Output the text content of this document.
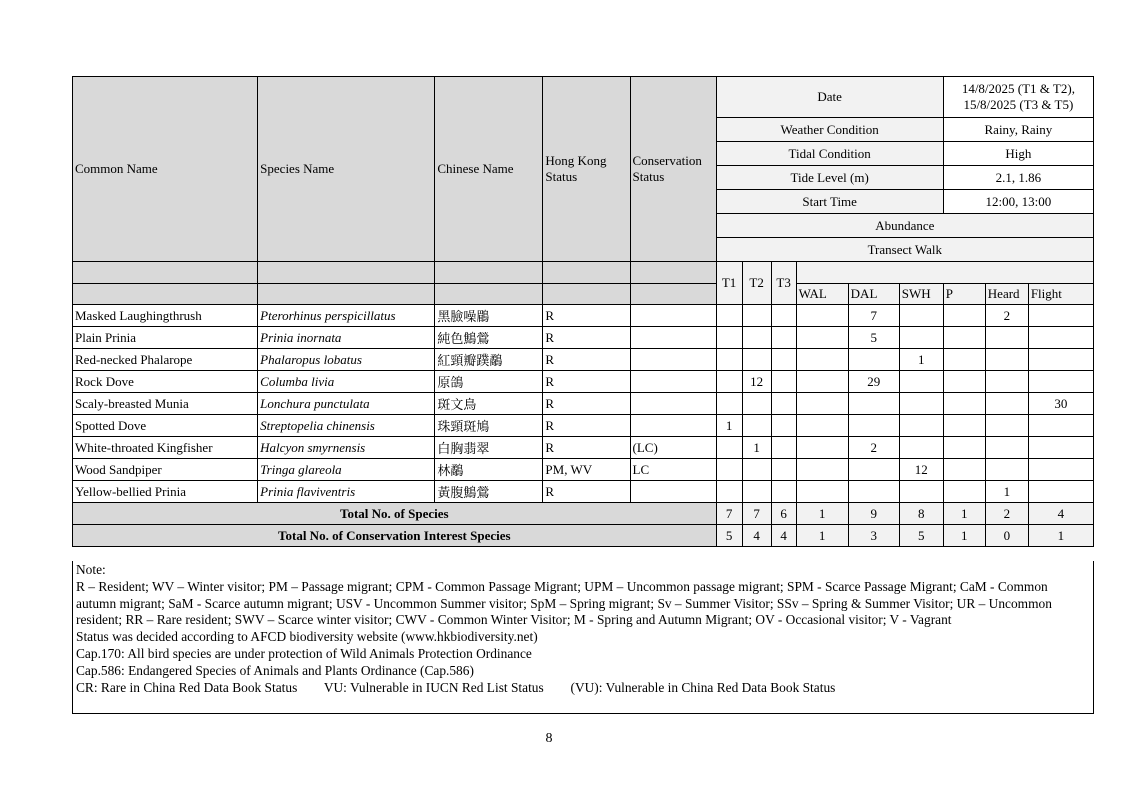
Common Name	Species Name	Chinese Name	Hong Kong Status	Conservation Status	Date						14/8/2025 (T1 & T2), 15/8/2025 (T3 & T5)		
					Weather Condition						Rainy, Rainy		
					Tidal Condition						High		
					Tide Level (m)						2.1, 1.86		
					Start Time						12:00, 13:00		
					Abundance								
					Transect Walk								
					T1	T2	T3						
								WAL	DAL	SWH	P	Heard	Flight
Masked Laughingthrush	Pterorhinus perspicillatus	黑臉噪鶥	R						7			2	
Plain Prinia	Prinia inornata	純色鷦鶯	R						5				
Red-necked Phalarope	Phalaropus lobatus	紅頸瓣蹼鷸	R							1			
Rock Dove	Columba livia	原鴿	R			12			29				
Scaly-breasted Munia	Lonchura punctulata	斑文鳥	R										30
Spotted Dove	Streptopelia chinensis	珠頸斑鳩	R		1								
White-throated Kingfisher	Halcyon smyrnensis	白胸翡翠	R	(LC)		1			2				
Wood Sandpiper	Tringa glareola	林鷸	PM, WV	LC						12			
Yellow-bellied Prinia	Prinia flaviventris	黃腹鷦鶯	R									1	
Total No. of Species					7	7	6	1	9	8	1	2	4
Total No. of Conservation Interest Species					5	4	4	1	3	5	1	0	1
Note:
R – Resident; WV – Winter visitor; PM – Passage migrant; CPM - Common Passage Migrant; UPM – Uncommon passage migrant; SPM - Scarce Passage Migrant; CaM - Common autumn migrant; SaM - Scarce autumn migrant; USV - Uncommon Summer visitor; SpM – Spring migrant; Sv – Summer Visitor; SSv – Spring & Summer Visitor; UR – Uncommon resident; RR – Rare resident; SWV – Scarce winter visitor; CWV - Common Winter Visitor; M - Spring and Autumn Migrant; OV - Occasional visitor; V - Vagrant
Status was decided according to AFCD biodiversity website (www.hkbiodiversity.net)
Cap.170: All bird species are under protection of Wild Animals Protection Ordinance
Cap.586: Endangered Species of Animals and Plants Ordinance (Cap.586)
CR: Rare in China Red Data Book Status        VU: Vulnerable in IUCN Red List Status        (VU): Vulnerable in China Red Data Book Status
8
